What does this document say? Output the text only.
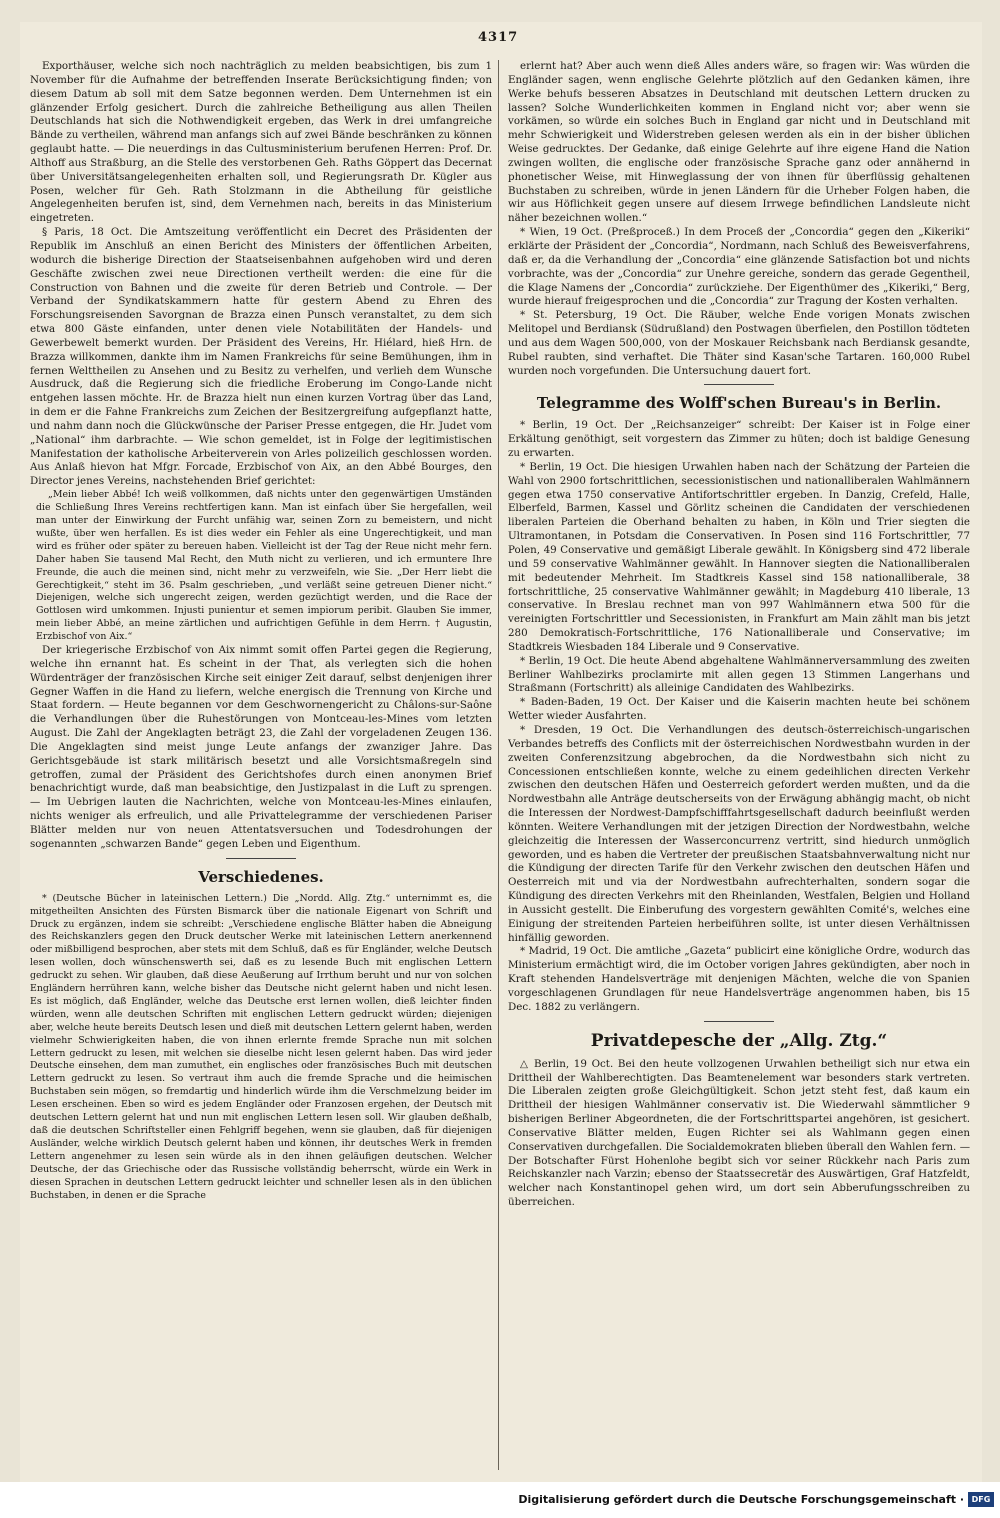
4317

Exporthäuser, welche sich noch nachträglich zu melden beabsichtigen, bis zum 1 November für die Aufnahme der betreffenden Inserate Berücksichtigung finden; von diesem Datum ab soll mit dem Satze begonnen werden. Dem Unternehmen ist ein glänzender Erfolg gesichert. Durch die zahlreiche Betheiligung aus allen Theilen Deutschlands hat sich die Nothwendigkeit ergeben, das Werk in drei umfangreiche Bände zu vertheilen, während man anfangs sich auf zwei Bände beschränken zu können geglaubt hatte. — Die neuerdings in das Cultusministerium berufenen Herren: Prof. Dr. Althoff aus Straßburg, an die Stelle des verstorbenen Geh. Raths Göppert das Decernat über Universitätsangelegenheiten erhalten soll, und Regierungsrath Dr. Kügler aus Posen, welcher für Geh. Rath Stolzmann in die Abtheilung für geistliche Angelegenheiten berufen ist, sind, dem Vernehmen nach, bereits in das Ministerium eingetreten.

§ Paris, 18 Oct. Die Amtszeitung veröffentlicht ein Decret des Präsidenten der Republik im Anschluß an einen Bericht des Ministers der öffentlichen Arbeiten, wodurch die bisherige Direction der Staatseisenbahnen aufgehoben wird und deren Geschäfte zwischen zwei neue Directionen vertheilt werden: die eine für die Construction von Bahnen und die zweite für deren Betrieb und Controle. — Der Verband der Syndikatskammern hatte für gestern Abend zu Ehren des Forschungsreisenden Savorgnan de Brazza einen Punsch veranstaltet, zu dem sich etwa 800 Gäste einfanden, unter denen viele Notabilitäten der Handels- und Gewerbewelt bemerkt wurden. Der Präsident des Vereins, Hr. Hiélard, hieß Hrn. de Brazza willkommen, dankte ihm im Namen Frankreichs für seine Bemühungen, ihm in fernen Welttheilen zu Ansehen und zu Besitz zu verhelfen, und verlieh dem Wunsche Ausdruck, daß die Regierung sich die friedliche Eroberung im Congo-Lande nicht entgehen lassen möchte. Hr. de Brazza hielt nun einen kurzen Vortrag über das Land, in dem er die Fahne Frankreichs zum Zeichen der Besitzergreifung aufgepflanzt hatte, und nahm dann noch die Glückwünsche der Pariser Presse entgegen, die Hr. Judet vom „National“ ihm darbrachte. — Wie schon gemeldet, ist in Folge der legitimistischen Manifestation der katholische Arbeiterverein von Arles polizeilich geschlossen worden. Aus Anlaß hievon hat Mfgr. Forcade, Erzbischof von Aix, an den Abbé Bourges, den Director jenes Vereins, nachstehenden Brief gerichtet:

„Mein lieber Abbé! Ich weiß vollkommen, daß nichts unter den gegenwärtigen Umständen die Schließung Ihres Vereins rechtfertigen kann. Man ist einfach über Sie hergefallen, weil man unter der Einwirkung der Furcht unfähig war, seinen Zorn zu bemeistern, und nicht wußte, über wen herfallen. Es ist dies weder ein Fehler als eine Ungerechtigkeit, und man wird es früher oder später zu bereuen haben. Vielleicht ist der Tag der Reue nicht mehr fern. Daher haben Sie tausend Mal Recht, den Muth nicht zu verlieren, und ich ermuntere Ihre Freunde, die auch die meinen sind, nicht mehr zu verzweifeln, wie Sie. „Der Herr liebt die Gerechtigkeit,“ steht im 36. Psalm geschrieben, „und verläßt seine getreuen Diener nicht.“ Diejenigen, welche sich ungerecht zeigen, werden gezüchtigt werden, und die Race der Gottlosen wird umkommen. Injusti punientur et semen impiorum peribit. Glauben Sie immer, mein lieber Abbé, an meine zärtlichen und aufrichtigen Gefühle in dem Herrn. † Augustin, Erzbischof von Aix.“

Der kriegerische Erzbischof von Aix nimmt somit offen Partei gegen die Regierung, welche ihn ernannt hat. Es scheint in der That, als verlegten sich die hohen Würdenträger der französischen Kirche seit einiger Zeit darauf, selbst denjenigen ihrer Gegner Waffen in die Hand zu liefern, welche energisch die Trennung von Kirche und Staat fordern. — Heute begannen vor dem Geschwornengericht zu Châlons-sur-Saône die Verhandlungen über die Ruhestörungen von Montceau-les-Mines vom letzten August. Die Zahl der Angeklagten beträgt 23, die Zahl der vorgeladenen Zeugen 136. Die Angeklagten sind meist junge Leute anfangs der zwanziger Jahre. Das Gerichtsgebäude ist stark militärisch besetzt und alle Vorsichtsmaßregeln sind getroffen, zumal der Präsident des Gerichtshofes durch einen anonymen Brief benachrichtigt wurde, daß man beabsichtige, den Justizpalast in die Luft zu sprengen. — Im Uebrigen lauten die Nachrichten, welche von Montceau-les-Mines einlaufen, nichts weniger als erfreulich, und alle Privattelegramme der verschiedenen Pariser Blätter melden nur von neuen Attentatsversuchen und Todesdrohungen der sogenannten „schwarzen Bande“ gegen Leben und Eigenthum.

Verschiedenes.

* (Deutsche Bücher in lateinischen Lettern.) Die „Nordd. Allg. Ztg.“ unternimmt es, die mitgetheilten Ansichten des Fürsten Bismarck über die nationale Eigenart von Schrift und Druck zu ergänzen, indem sie schreibt: „Verschiedene englische Blätter haben die Abneigung des Reichskanzlers gegen den Druck deutscher Werke mit lateinischen Lettern anerkennend oder mißbilligend besprochen, aber stets mit dem Schluß, daß es für Engländer, welche Deutsch lesen wollen, doch wünschenswerth sei, daß es zu lesende Buch mit englischen Lettern gedruckt zu sehen. Wir glauben, daß diese Aeußerung auf Irrthum beruht und nur von solchen Engländern herrühren kann, welche bisher das Deutsche nicht gelernt haben und nicht lesen. Es ist möglich, daß Engländer, welche das Deutsche erst lernen wollen, dieß leichter finden würden, wenn alle deutschen Schriften mit englischen Lettern gedruckt würden; diejenigen aber, welche heute bereits Deutsch lesen und dieß mit deutschen Lettern gelernt haben, werden vielmehr Schwierigkeiten haben, die von ihnen erlernte fremde Sprache nun mit solchen Lettern gedruckt zu lesen, mit welchen sie dieselbe nicht lesen gelernt haben. Das wird jeder Deutsche einsehen, dem man zumuthet, ein englisches oder französisches Buch mit deutschen Lettern gedruckt zu lesen. So vertraut ihm auch die fremde Sprache und die heimischen Buchstaben sein mögen, so fremdartig und hinderlich würde ihm die Verschmelzung beider im Lesen erscheinen. Eben so wird es jedem Engländer oder Franzosen ergehen, der Deutsch mit deutschen Lettern gelernt hat und nun mit englischen Lettern lesen soll. Wir glauben deßhalb, daß die deutschen Schriftsteller einen Fehlgriff begehen, wenn sie glauben, daß für diejenigen Ausländer, welche wirklich Deutsch gelernt haben und können, ihr deutsches Werk in fremden Lettern angenehmer zu lesen sein würde als in den ihnen geläufigen deutschen. Welcher Deutsche, der das Griechische oder das Russische vollständig beherrscht, würde ein Werk in diesen Sprachen in deutschen Lettern gedruckt leichter und schneller lesen als in den üblichen Buchstaben, in denen er die Sprache

erlernt hat? Aber auch wenn dieß Alles anders wäre, so fragen wir: Was würden die Engländer sagen, wenn englische Gelehrte plötzlich auf den Gedanken kämen, ihre Werke behufs besseren Absatzes in Deutschland mit deutschen Lettern drucken zu lassen? Solche Wunderlichkeiten kommen in England nicht vor; aber wenn sie vorkämen, so würde ein solches Buch in England gar nicht und in Deutschland mit mehr Schwierigkeit und Widerstreben gelesen werden als ein in der bisher üblichen Weise gedrucktes. Der Gedanke, daß einige Gelehrte auf ihre eigene Hand die Nation zwingen wollten, die englische oder französische Sprache ganz oder annähernd in phonetischer Weise, mit Hinweglassung der von ihnen für überflüssig gehaltenen Buchstaben zu schreiben, würde in jenen Ländern für die Urheber Folgen haben, die wir aus Höflichkeit gegen unsere auf diesem Irrwege befindlichen Landsleute nicht näher bezeichnen wollen.“

* Wien, 19 Oct. (Preßproceß.) In dem Proceß der „Concordia“ gegen den „Kikeriki“ erklärte der Präsident der „Concordia“, Nordmann, nach Schluß des Beweisverfahrens, daß er, da die Verhandlung der „Concordia“ eine glänzende Satisfaction bot und nichts vorbrachte, was der „Concordia“ zur Unehre gereiche, sondern das gerade Gegentheil, die Klage Namens der „Concordia“ zurückziehe. Der Eigenthümer des „Kikeriki,“ Berg, wurde hierauf freigesprochen und die „Concordia“ zur Tragung der Kosten verhalten.

* St. Petersburg, 19 Oct. Die Räuber, welche Ende vorigen Monats zwischen Melitopel und Berdiansk (Südrußland) den Postwagen überfielen, den Postillon tödteten und aus dem Wagen 500,000, von der Moskauer Reichsbank nach Berdiansk gesandte, Rubel raubten, sind verhaftet. Die Thäter sind Kasan'sche Tartaren. 160,000 Rubel wurden noch vorgefunden. Die Untersuchung dauert fort.

Telegramme des Wolff'schen Bureau's in Berlin.

* Berlin, 19 Oct. Der „Reichsanzeiger“ schreibt: Der Kaiser ist in Folge einer Erkältung genöthigt, seit vorgestern das Zimmer zu hüten; doch ist baldige Genesung zu erwarten.

* Berlin, 19 Oct. Die hiesigen Urwahlen haben nach der Schätzung der Parteien die Wahl von 2900 fortschrittlichen, secessionistischen und nationalliberalen Wahlmännern gegen etwa 1750 conservative Antifortschrittler ergeben. In Danzig, Crefeld, Halle, Elberfeld, Barmen, Kassel und Görlitz scheinen die Candidaten der verschiedenen liberalen Parteien die Oberhand behalten zu haben, in Köln und Trier siegten die Ultramontanen, in Potsdam die Conservativen. In Posen sind 116 Fortschrittler, 77 Polen, 49 Conservative und gemäßigt Liberale gewählt. In Königsberg sind 472 liberale und 59 conservative Wahlmänner gewählt. In Hannover siegten die Nationalliberalen mit bedeutender Mehrheit. Im Stadtkreis Kassel sind 158 nationalliberale, 38 fortschrittliche, 25 conservative Wahlmänner gewählt; in Magdeburg 410 liberale, 13 conservative. In Breslau rechnet man von 997 Wahlmännern etwa 500 für die vereinigten Fortschrittler und Secessionisten, in Frankfurt am Main zählt man bis jetzt 280 Demokratisch-Fortschrittliche, 176 Nationalliberale und Conservative; im Stadtkreis Wiesbaden 184 Liberale und 9 Conservative.

* Berlin, 19 Oct. Die heute Abend abgehaltene Wahlmännerversammlung des zweiten Berliner Wahlbezirks proclamirte mit allen gegen 13 Stimmen Langerhans und Straßmann (Fortschritt) als alleinige Candidaten des Wahlbezirks.

* Baden-Baden, 19 Oct. Der Kaiser und die Kaiserin machten heute bei schönem Wetter wieder Ausfahrten.

* Dresden, 19 Oct. Die Verhandlungen des deutsch-österreichisch-ungarischen Verbandes betreffs des Conflicts mit der österreichischen Nordwestbahn wurden in der zweiten Conferenzsitzung abgebrochen, da die Nordwestbahn sich nicht zu Concessionen entschließen konnte, welche zu einem gedeihlichen directen Verkehr zwischen den deutschen Häfen und Oesterreich gefordert werden mußten, und da die Nordwestbahn alle Anträge deutscherseits von der Erwägung abhängig macht, ob nicht die Interessen der Nordwest-Dampfschifffahrtsgesellschaft dadurch beeinflußt werden könnten. Weitere Verhandlungen mit der jetzigen Direction der Nordwestbahn, welche gleichzeitig die Interessen der Wasserconcurrenz vertritt, sind hiedurch unmöglich geworden, und es haben die Vertreter der preußischen Staatsbahnverwaltung nicht nur die Kündigung der directen Tarife für den Verkehr zwischen den deutschen Häfen und Oesterreich mit und via der Nordwestbahn aufrechterhalten, sondern sogar die Kündigung des directen Verkehrs mit den Rheinlanden, Westfalen, Belgien und Holland in Aussicht gestellt. Die Einberufung des vorgestern gewählten Comité's, welches eine Einigung der streitenden Parteien herbeiführen sollte, ist unter diesen Verhältnissen hinfällig geworden.

* Madrid, 19 Oct. Die amtliche „Gazeta“ publicirt eine königliche Ordre, wodurch das Ministerium ermächtigt wird, die im October vorigen Jahres gekündigten, aber noch in Kraft stehenden Handelsverträge mit denjenigen Mächten, welche die von Spanien vorgeschlagenen Grundlagen für neue Handelsverträge angenommen haben, bis 15 Dec. 1882 zu verlängern.

Privatdepesche der „Allg. Ztg.“

△ Berlin, 19 Oct. Bei den heute vollzogenen Urwahlen betheiligt sich nur etwa ein Drittheil der Wahlberechtigten. Das Beamtenelement war besonders stark vertreten. Die Liberalen zeigten große Gleichgültigkeit. Schon jetzt steht fest, daß kaum ein Drittheil der hiesigen Wahlmänner conservativ ist. Die Wiederwahl sämmtlicher 9 bisherigen Berliner Abgeordneten, die der Fortschrittspartei angehören, ist gesichert. Conservative Blätter melden, Eugen Richter sei als Wahlmann gegen einen Conservativen durchgefallen. Die Socialdemokraten blieben überall den Wahlen fern. — Der Botschafter Fürst Hohenlohe begibt sich vor seiner Rückkehr nach Paris zum Reichskanzler nach Varzin; ebenso der Staatssecretär des Auswärtigen, Graf Hatzfeldt, welcher nach Konstantinopel gehen wird, um dort sein Abberufungsschreiben zu überreichen.

Digitalisierung gefördert durch die Deutsche Forschungsgemeinschaft · DFG
